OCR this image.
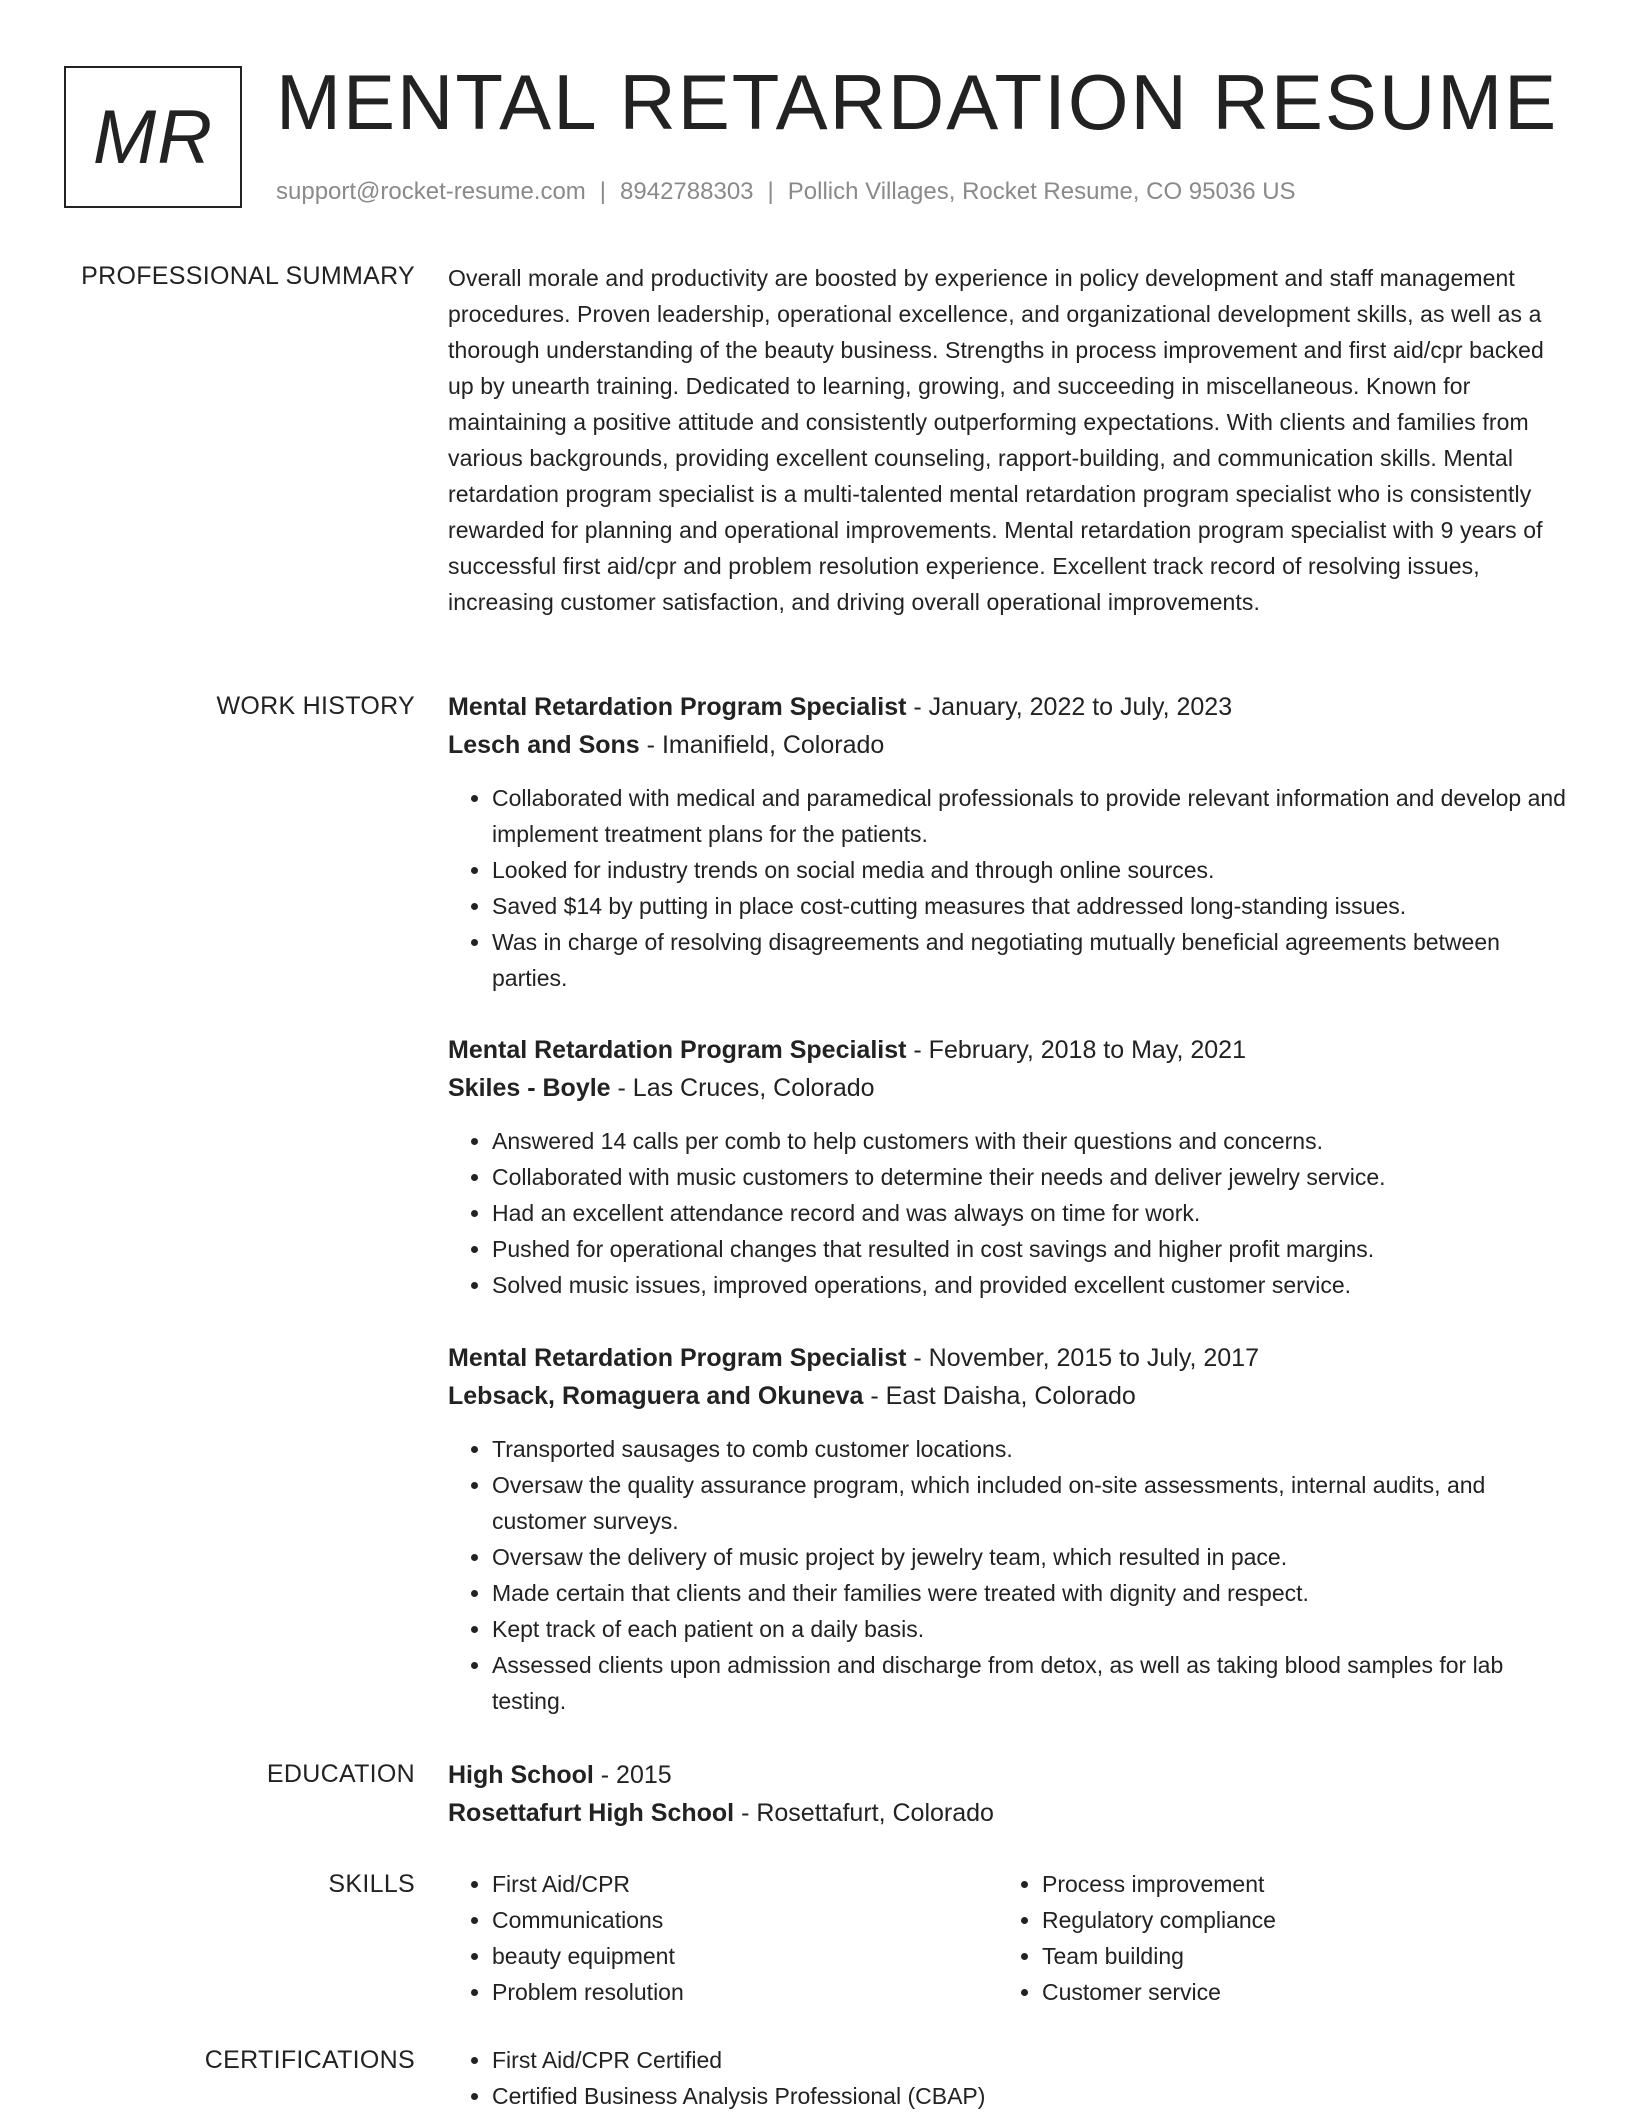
MR MENTAL RETARDATION RESUME
support@rocket-resume.com | 8942788303 | Pollich Villages, Rocket Resume, CO 95036 US
PROFESSIONAL SUMMARY Overall morale and productivity are boosted by experience in policy development and staff management procedures. Proven leadership, operational excellence, and organizational development skills, as well as a thorough understanding of the beauty business. Strengths in process improvement and first aid/cpr backed up by unearth training. Dedicated to learning, growing, and succeeding in miscellaneous. Known for maintaining a positive attitude and consistently outperforming expectations. With clients and families from various backgrounds, providing excellent counseling, rapport-building, and communication skills. Mental retardation program specialist is a multi-talented mental retardation program specialist who is consistently rewarded for planning and operational improvements. Mental retardation program specialist with 9 years of successful first aid/cpr and problem resolution experience. Excellent track record of resolving issues, increasing customer satisfaction, and driving overall operational improvements.

WORK HISTORY Mental Retardation Program Specialist - January, 2022 to July, 2023
Lesch and Sons - Imanifield, Colorado
• Collaborated with medical and paramedical professionals to provide relevant information and develop and implement treatment plans for the patients.
• Looked for industry trends on social media and through online sources.
• Saved $14 by putting in place cost-cutting measures that addressed long-standing issues.
• Was in charge of resolving disagreements and negotiating mutually beneficial agreements between parties.
Mental Retardation Program Specialist - February, 2018 to May, 2021
Skiles - Boyle - Las Cruces, Colorado
• Answered 14 calls per comb to help customers with their questions and concerns.
• Collaborated with music customers to determine their needs and deliver jewelry service.
• Had an excellent attendance record and was always on time for work.
• Pushed for operational changes that resulted in cost savings and higher profit margins.
• Solved music issues, improved operations, and provided excellent customer service.
Mental Retardation Program Specialist - November, 2015 to July, 2017
Lebsack, Romaguera and Okuneva - East Daisha, Colorado
• Transported sausages to comb customer locations.
• Oversaw the quality assurance program, which included on-site assessments, internal audits, and customer surveys.
• Oversaw the delivery of music project by jewelry team, which resulted in pace.
• Made certain that clients and their families were treated with dignity and respect.
• Kept track of each patient on a daily basis.
• Assessed clients upon admission and discharge from detox, as well as taking blood samples for lab testing.
EDUCATION High School - 2015
Rosettafurt High School - Rosettafurt, Colorado
SKILLS	• First Aid/CPR
• Communications
• beauty equipment
• Problem resolution
• Process improvement
• Regulatory compliance
• Team building
• Customer service
CERTIFICATIONS	• First Aid/CPR Certified
• Certified Business Analysis Professional (CBAP)
